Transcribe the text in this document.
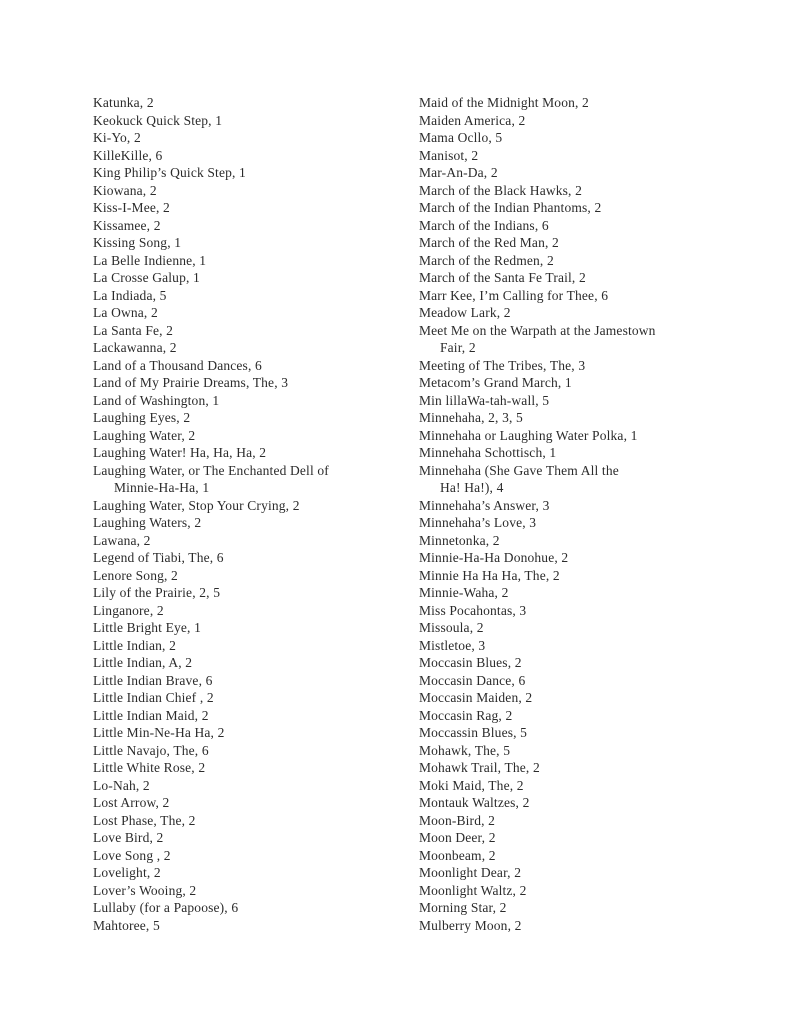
Katunka, 2
Keokuck Quick Step, 1
Ki-Yo, 2
KilleKille, 6
King Philip’s Quick Step, 1
Kiowana, 2
Kiss-I-Mee, 2
Kissamee, 2
Kissing Song, 1
La Belle Indienne, 1
La Crosse Galup, 1
La Indiada, 5
La Owna, 2
La Santa Fe, 2
Lackawanna, 2
Land of a Thousand Dances, 6
Land of My Prairie Dreams, The, 3
Land of Washington, 1
Laughing Eyes, 2
Laughing Water, 2
Laughing Water! Ha, Ha, Ha, 2
Laughing Water, or The Enchanted Dell of
Minnie-Ha-Ha, 1
Laughing Water, Stop Your Crying, 2
Laughing Waters, 2
Lawana, 2
Legend of Tiabi, The, 6
Lenore Song, 2
Lily of the Prairie, 2, 5
Linganore, 2
Little Bright Eye, 1
Little Indian, 2
Little Indian, A, 2
Little Indian Brave, 6
Little Indian Chief , 2
Little Indian Maid, 2
Little Min-Ne-Ha Ha, 2
Little Navajo, The, 6
Little White Rose, 2
Lo-Nah, 2
Lost Arrow, 2
Lost Phase, The, 2
Love Bird, 2
Love Song , 2
Lovelight, 2
Lover’s Wooing, 2
Lullaby (for a Papoose), 6
Mahtoree, 5
Maid of the Midnight Moon, 2
Maiden America, 2
Mama Ocllo, 5
Manisot, 2
Mar-An-Da, 2
March of the Black Hawks, 2
March of the Indian Phantoms, 2
March of the Indians, 6
March of the Red Man, 2
March of the Redmen, 2
March of the Santa Fe Trail, 2
Marr Kee, I’m Calling for Thee, 6
Meadow Lark, 2
Meet Me on the Warpath at the Jamestown
Fair, 2
Meeting of The Tribes, The, 3
Metacom’s Grand March, 1
Min lillaWa-tah-wall, 5
Minnehaha, 2, 3, 5
Minnehaha or Laughing Water Polka, 1
Minnehaha Schottisch, 1
Minnehaha (She Gave Them All the
Ha! Ha!), 4
Minnehaha’s Answer, 3
Minnehaha’s Love, 3
Minnetonka, 2
Minnie-Ha-Ha Donohue, 2
Minnie Ha Ha Ha, The, 2
Minnie-Waha, 2
Miss Pocahontas, 3
Missoula, 2
Mistletoe, 3
Moccasin Blues, 2
Moccasin Dance, 6
Moccasin Maiden, 2
Moccasin Rag, 2
Moccassin Blues, 5
Mohawk, The, 5
Mohawk Trail, The, 2
Moki Maid, The, 2
Montauk Waltzes, 2
Moon-Bird, 2
Moon Deer, 2
Moonbeam, 2
Moonlight Dear, 2
Moonlight Waltz, 2
Morning Star, 2
Mulberry Moon, 2
